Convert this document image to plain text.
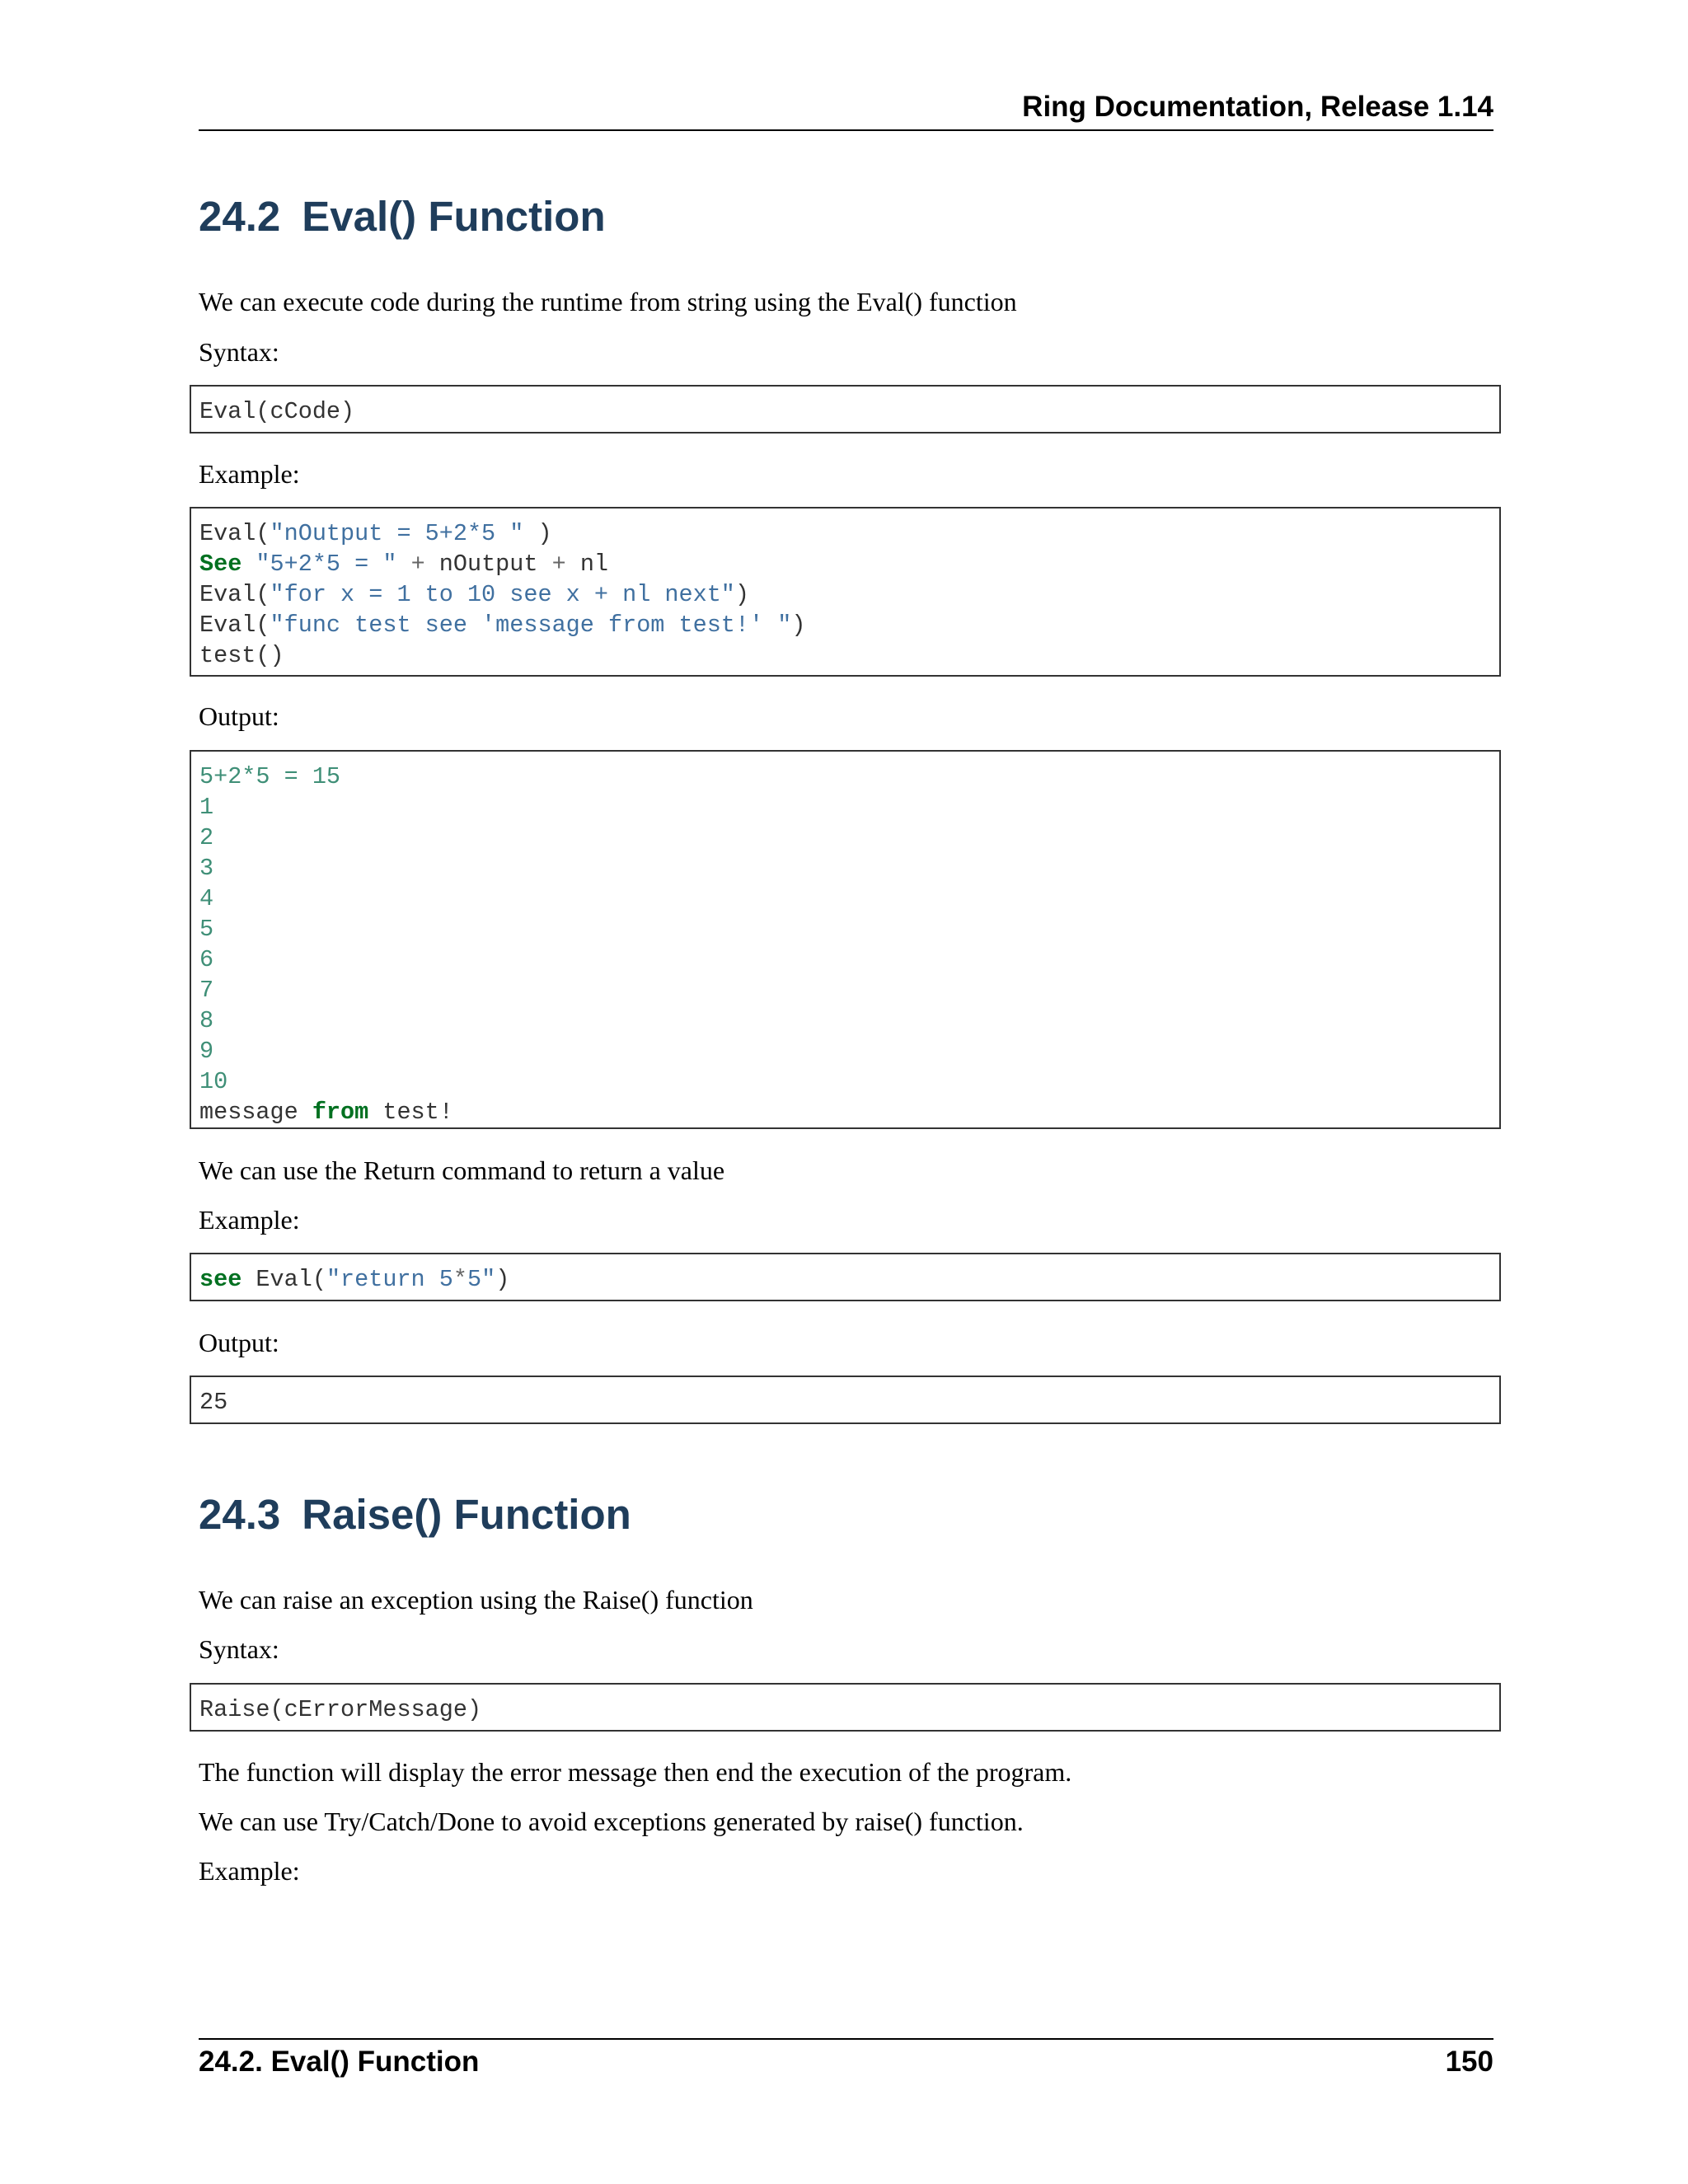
Ring Documentation, Release 1.14
24.2 Eval() Function

We can execute code during the runtime from string using the Eval() function

Syntax:

Eval(cCode)

Example:

Eval("nOutput = 5+2*5 " )
See "5+2*5 = " + nOutput + nl
Eval("for x = 1 to 10 see x + nl next")
Eval("func test see 'message from test!' ")
test()

Output:

5+2*5 = 15
1
2
3
4
5
6
7
8
9
10
message from test!

We can use the Return command to return a value

Example:

see Eval("return 5*5")

Output:

25
24.3 Raise() Function

We can raise an exception using the Raise() function

Syntax:

Raise(cErrorMessage)

The function will display the error message then end the execution of the program.

We can use Try/Catch/Done to avoid exceptions generated by raise() function.

Example:

24.2. Eval() Function	150
